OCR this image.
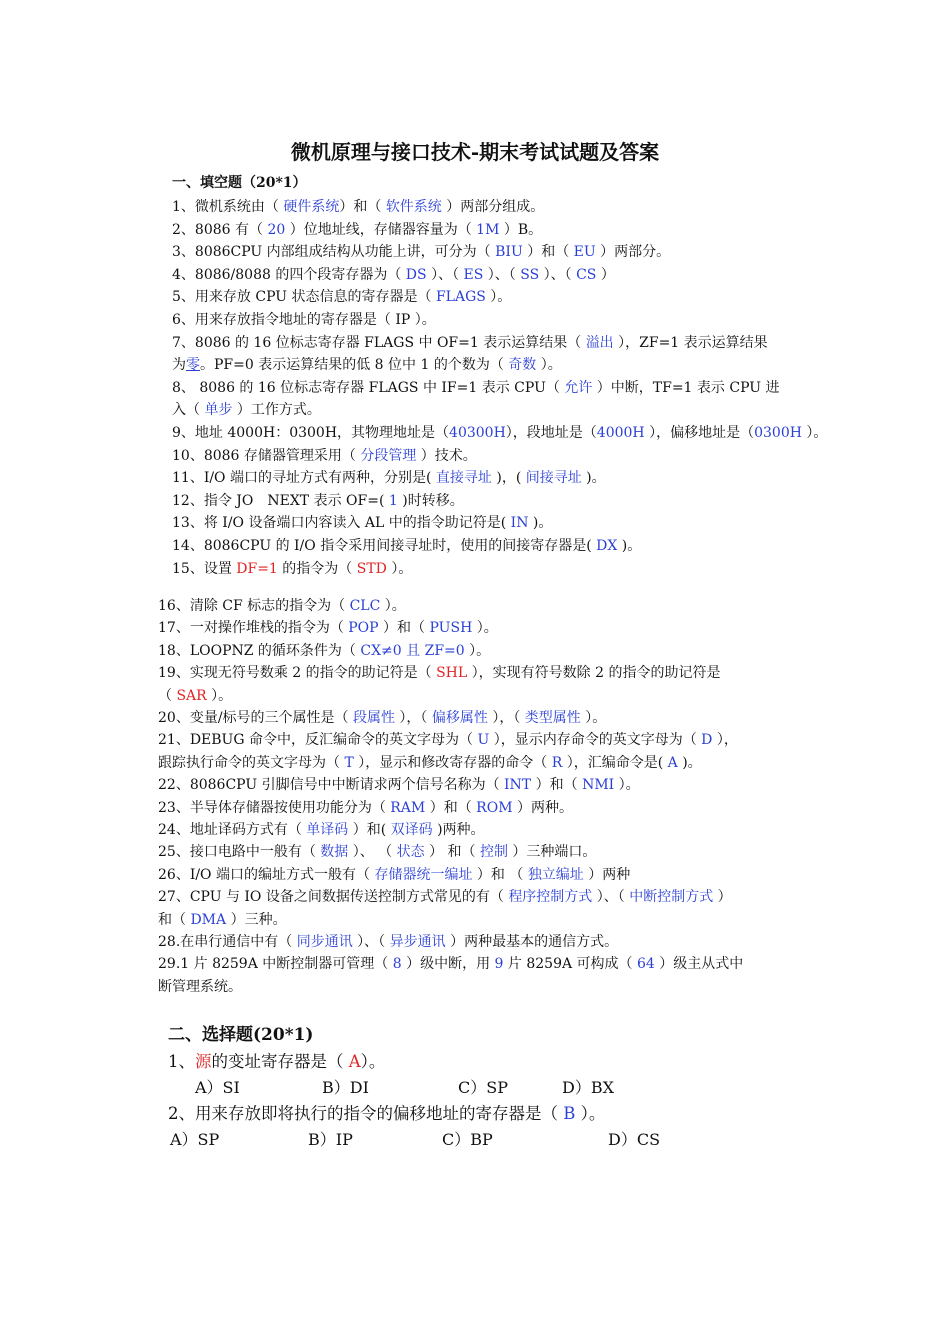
微机原理与接口技术-期末考试试题及答案
一、填空题（20*1）
1、微机系统由（ 硬件系统）和（ 软件系统 ）两部分组成。
2、8086 有（ 20 ）位地址线，存储器容量为（ 1M ）B。
3、8086CPU 内部组成结构从功能上讲，可分为（ BIU ）和（ EU ）两部分。
4、8086/8088 的四个段寄存器为（ DS ）、（ ES ）、（ SS ）、（ CS ）
5、用来存放 CPU 状态信息的寄存器是（ FLAGS ）。
6、用来存放指令地址的寄存器是（ IP ）。
7、8086 的 16 位标志寄存器 FLAGS 中 OF=1 表示运算结果（ 溢出 ），ZF=1 表示运算结果
为零。PF=0 表示运算结果的低 8 位中 1 的个数为（ 奇数 ）。
8、 8086 的 16 位标志寄存器 FLAGS 中 IF=1 表示 CPU（ 允许 ）中断，TF=1 表示 CPU 进
入（ 单步 ）工作方式。
9、地址 4000H：0300H，其物理地址是（40300H），段地址是（4000H ），偏移地址是（0300H ）。
10、8086 存储器管理采用（ 分段管理 ）技术。
11、I/O 端口的寻址方式有两种，分别是( 直接寻址 )，( 间接寻址 )。
12、指令 JO　NEXT 表示 OF=( 1 )时转移。
13、将 I/O 设备端口内容读入 AL 中的指令助记符是( IN )。
14、8086CPU 的 I/O 指令采用间接寻址时，使用的间接寄存器是( DX )。
15、设置 DF=1 的指令为（ STD ）。
16、清除 CF 标志的指令为（ CLC ）。
17、一对操作堆栈的指令为（ POP ）和（ PUSH ）。
18、LOOPNZ 的循环条件为（ CX≠0 且 ZF=0 ）。
19、实现无符号数乘 2 的指令的助记符是（ SHL ），实现有符号数除 2 的指令的助记符是
（ SAR ）。
20、变量/标号的三个属性是（ 段属性 ），（ 偏移属性 ），（ 类型属性 ）。
21、DEBUG 命令中，反汇编命令的英文字母为（ U ），显示内存命令的英文字母为（ D ），
跟踪执行命令的英文字母为（ T ），显示和修改寄存器的命令（ R ），汇编命令是( A )。
22、8086CPU 引脚信号中中断请求两个信号名称为（ INT ）和（ NMI ）。
23、半导体存储器按使用功能分为（ RAM ）和（ ROM ）两种。
24、地址译码方式有（ 单译码 ）和( 双译码 )两种。
25、接口电路中一般有（ 数据 ）、 （ 状态 ） 和（ 控制 ）三种端口。
26、I/O 端口的编址方式一般有（ 存储器统一编址 ）和 （ 独立编址 ）两种
27、CPU 与 IO 设备之间数据传送控制方式常见的有（ 程序控制方式 ）、（ 中断控制方式 ）
和（ DMA ）三种。
28.在串行通信中有（ 同步通讯 ）、（ 异步通讯 ）两种最基本的通信方式。
29.1 片 8259A 中断控制器可管理（ 8 ）级中断，用 9 片 8259A 可构成（ 64 ）级主从式中
断管理系统。
二、选择题(20*1)
1、源的变址寄存器是（ A）。
A）SI	B）DI	C）SP	D）BX
2、用来存放即将执行的指令的偏移地址的寄存器是（ B ）。
A）SP	B）IP	C）BP	D）CS
